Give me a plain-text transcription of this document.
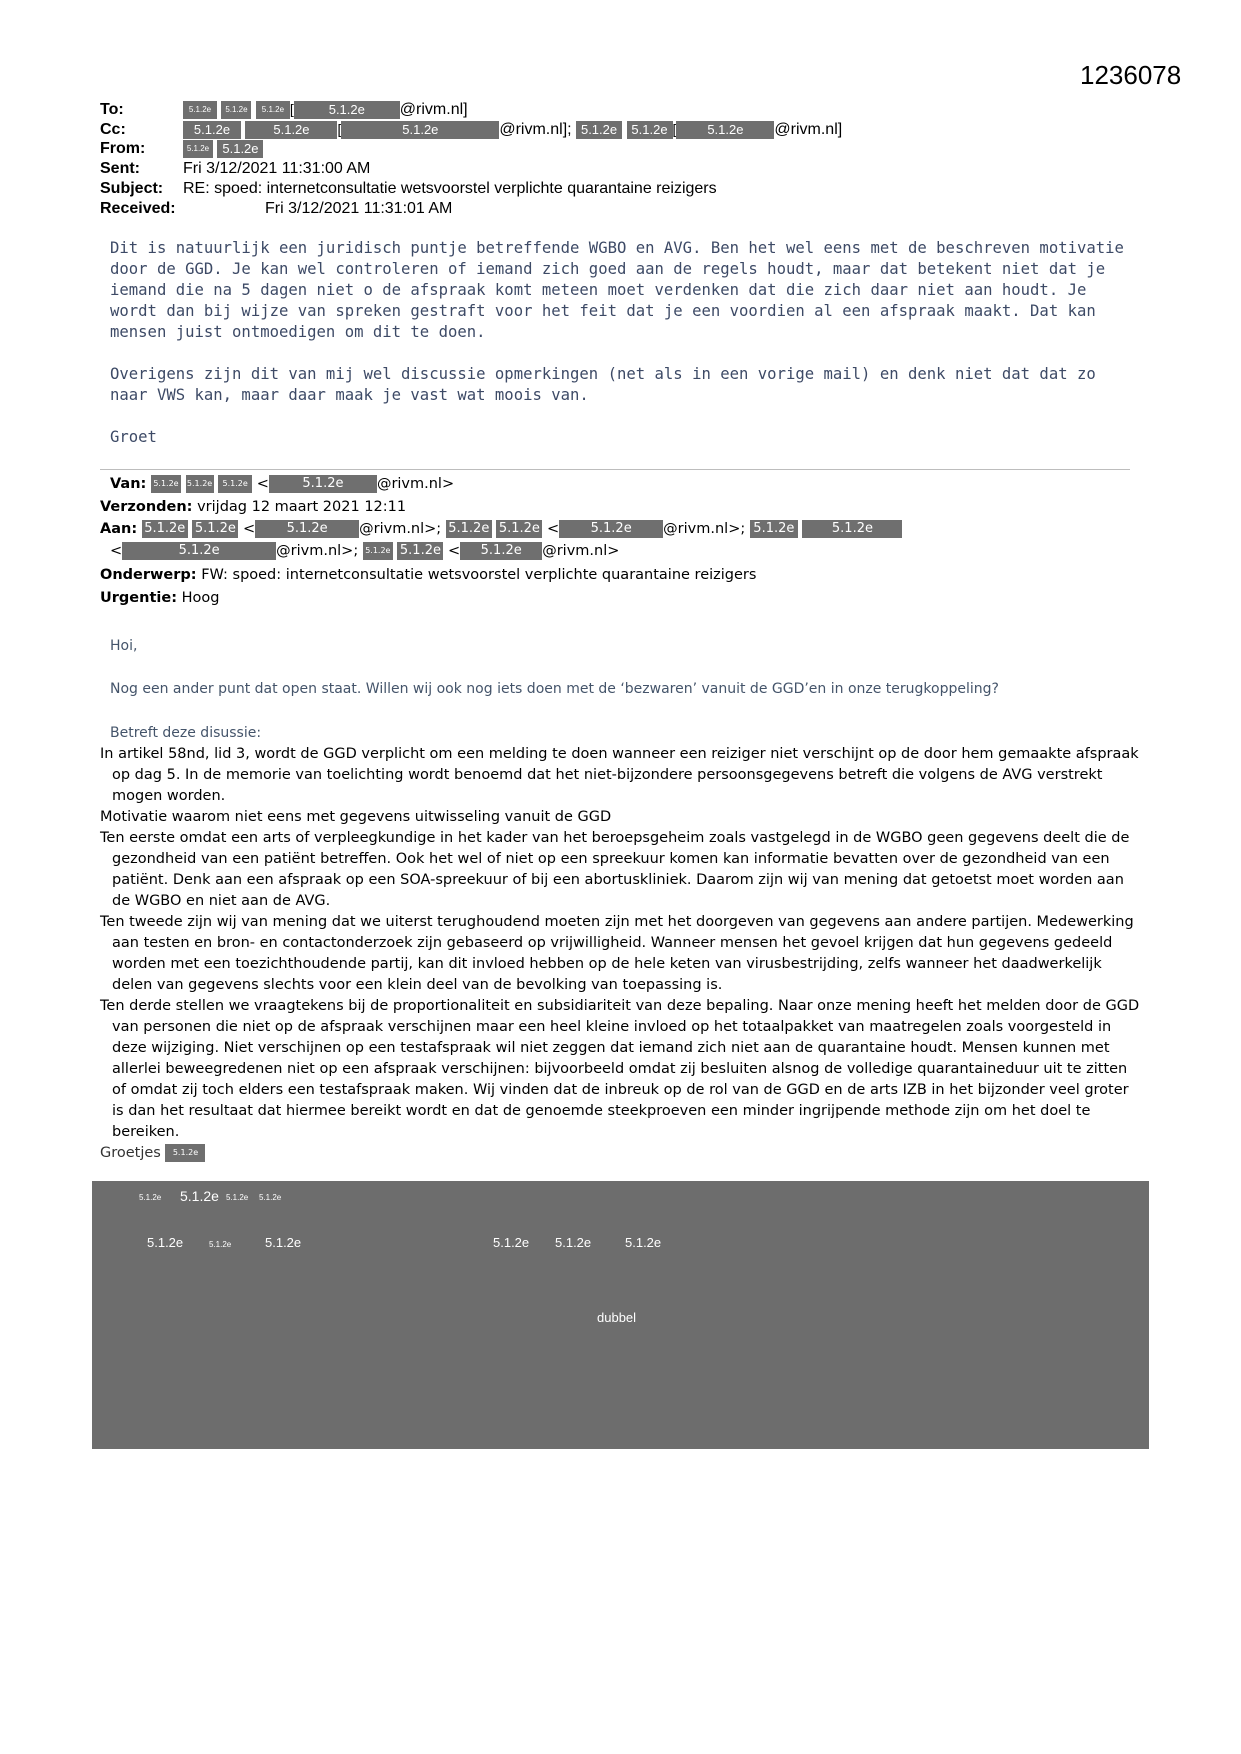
1236078
To:	5.1.2e 5.1.2e 5.1.2e [	5.1.2e @rivm.nl]
Cc:	5.1.2e	5.1.2e [	5.1.2e	@rivm.nl]; 5.1.2e 5.1.2e [ 5.1.2e @rivm.nl]
From:	5.1.2e 5.1.2e
Sent:	Fri 3/12/2021 11:31:00 AM
Subject: RE: spoed: internetconsultatie wetsvoorstel verplichte quarantaine reizigers
Received:	Fri 3/12/2021 11:31:01 AM

Dit is natuurlijk een juridisch puntje betreffende WGBO en AVG. Ben het wel eens met de beschreven motivatie door de GGD. Je kan wel controleren of iemand zich goed aan de regels houdt, maar dat betekent niet dat je iemand die na 5 dagen niet o de afspraak komt meteen moet verdenken dat die zich daar niet aan houdt. Je wordt dan bij wijze van spreken gestraft voor het feit dat je een voordien al een afspraak maakt. Dat kan mensen juist ontmoedigen om dit te doen.

Overigens zijn dit van mij wel discussie opmerkingen (net als in een vorige mail) en denk niet dat dat zo naar VWS kan, maar daar maak je vast wat moois van.

Groet

Van: 5.1.2e 5.1.2e 5.1.2e <	5.1.2e @rivm.nl>
Verzonden: vrijdag 12 maart 2021 12:11
Aan: 5.1.2e 5.1.2e < 5.1.2e @rivm.nl>; 5.1.2e 5.1.2e < 5.1.2e @rivm.nl>; 5.1.2e	5.1.2e
<	5.1.2e	@rivm.nl>; 5.1.2e 5.1.2e < 5.1.2e @rivm.nl>
Onderwerp: FW: spoed: internetconsultatie wetsvoorstel verplichte quarantaine reizigers
Urgentie: Hoog
Hoi,
Nog een ander punt dat open staat. Willen wij ook nog iets doen met de ‘bezwaren’ vanuit de GGD’en in onze terugkoppeling?
Betreft deze disussie:

In artikel 58nd, lid 3, wordt de GGD verplicht om een melding te doen wanneer een reiziger niet verschijnt op de door hem gemaakte afspraak op dag 5. In de memorie van toelichting wordt benoemd dat het niet-bijzondere persoonsgegevens betreft die volgens de AVG verstrekt mogen worden.

Motivatie waarom niet eens met gegevens uitwisseling vanuit de GGD

Ten eerste omdat een arts of verpleegkundige in het kader van het beroepsgeheim zoals vastgelegd in de WGBO geen gegevens deelt die de gezondheid van een patiënt betreffen. Ook het wel of niet op een spreekuur komen kan informatie bevatten over de gezondheid van een patiënt. Denk aan een afspraak op een SOA-spreekuur of bij een abortuskliniek. Daarom zijn wij van mening dat getoetst moet worden aan de WGBO en niet aan de AVG.

Ten tweede zijn wij van mening dat we uiterst terughoudend moeten zijn met het doorgeven van gegevens aan andere partijen. Medewerking aan testen en bron- en contactonderzoek zijn gebaseerd op vrijwilligheid. Wanneer mensen het gevoel krijgen dat hun gegevens gedeeld worden met een toezichthoudende partij, kan dit invloed hebben op de hele keten van virusbestrijding, zelfs wanneer het daadwerkelijk delen van gegevens slechts voor een klein deel van de bevolking van toepassing is.

Ten derde stellen we vraagtekens bij de proportionaliteit en subsidiariteit van deze bepaling. Naar onze mening heeft het melden door de GGD van personen die niet op de afspraak verschijnen maar een heel kleine invloed op het totaalpakket van maatregelen zoals voorgesteld in deze wijziging. Niet verschijnen op een testafspraak wil niet zeggen dat iemand zich niet aan de quarantaine houdt. Mensen kunnen met allerlei beweegredenen niet op een afspraak verschijnen: bijvoorbeeld omdat zij besluiten alsnog de volledige quarantaineduur uit te zitten of omdat zij toch elders een testafspraak maken. Wij vinden dat de inbreuk op de rol van de GGD en de arts IZB in het bijzonder veel groter is dan het resultaat dat hiermee bereikt wordt en dat de genoemde steekproeven een minder ingrijpende methode zijn om het doel te bereiken.

Groetjes 5.1.2e
5.1.2e 5.1.2e 5.1.2e 5.1.2e
5.1.2e	5.1.2e	5.1.2e	5.1.2e 5.1.2e	5.1.2e
dubbel
